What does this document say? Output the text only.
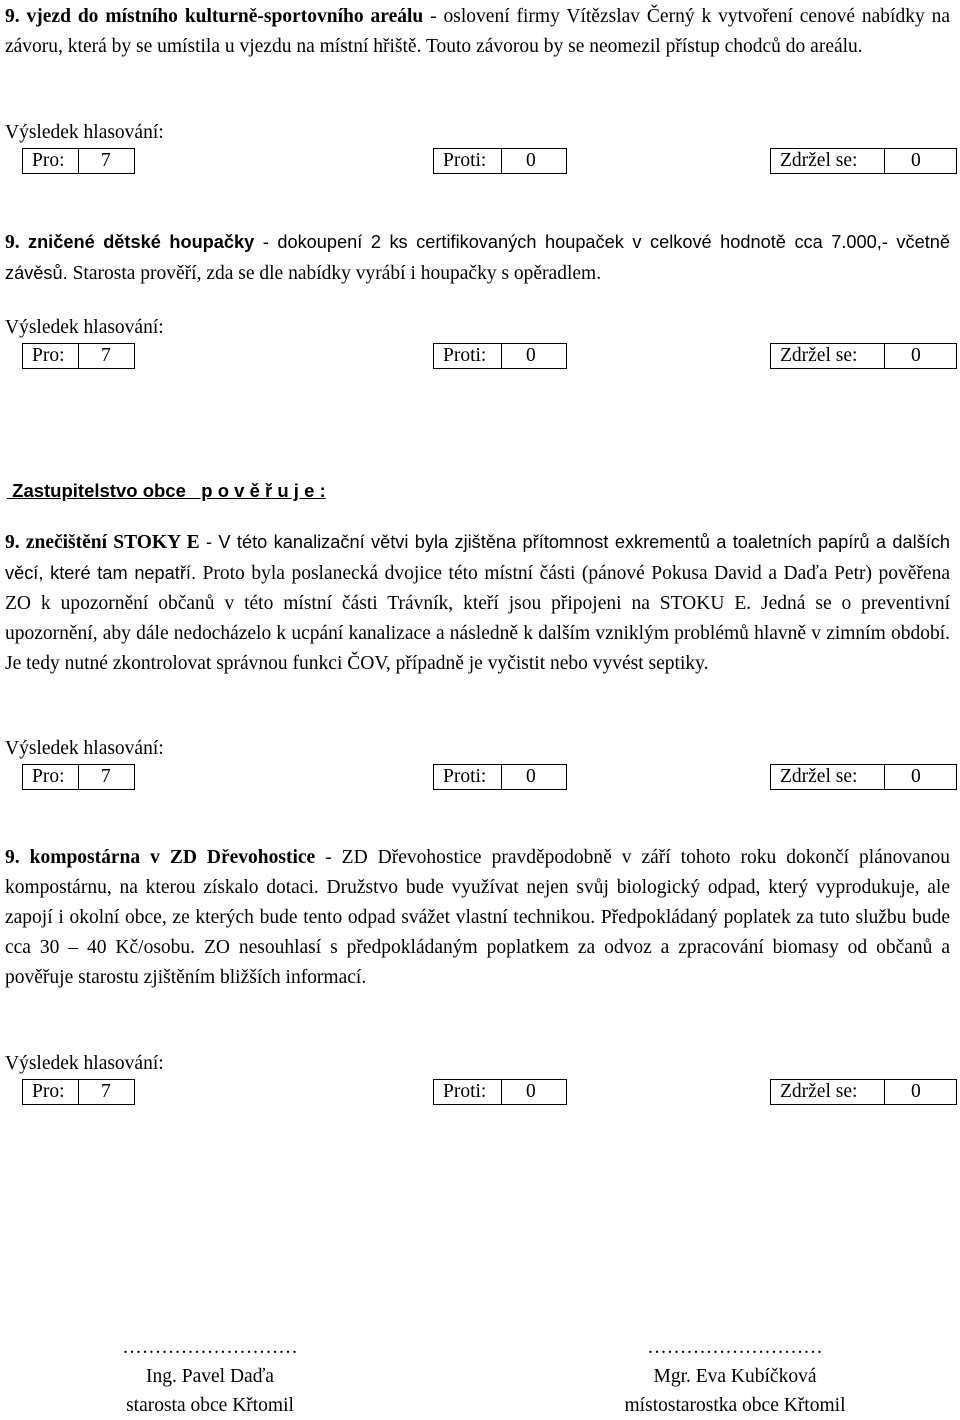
9. vjezd do místního kulturně-sportovního areálu - oslovení firmy Vítězslav Černý k vytvoření cenové nabídky na závoru, která by se umístila u vjezdu na místní hřiště. Touto závorou by se neomezil přístup chodců do areálu.

Výsledek hlasování:
Pro: 7	Proti: 0	Zdržel se:	0

9. zničené dětské houpačky - dokoupení 2 ks certifikovaných houpaček v celkové hodnotě cca 7.000,- včetně závěsů. Starosta prověří, zda se dle nabídky vyrábí i houpačky s opěradlem.

Výsledek hlasování:
Pro: 7	Proti: 0	Zdržel se:	0
Zastupitelstvo obce   p o v ě ř u j e :

9. znečištění STOKY E - V této kanalizační větvi byla zjištěna přítomnost exkrementů a toaletních papírů a dalších věcí, které tam nepatří. Proto byla poslanecká dvojice této místní části (pánové Pokusa David a Daďa Petr) pověřena ZO k upozornění občanů v této místní části Trávník, kteří jsou připojeni na STOKU E. Jedná se o preventivní upozornění, aby dále nedocházelo k ucpání kanalizace a následně k dalším vzniklým problémů hlavně v zimním období. Je tedy nutné zkontrolovat správnou funkci ČOV, případně je vyčistit nebo vyvést septiky.

Výsledek hlasování:
Pro: 7	Proti: 0	Zdržel se:	0

9. kompostárna v ZD Dřevohostice - ZD Dřevohostice pravděpodobně v září tohoto roku dokončí plánovanou kompostárnu, na kterou získalo dotaci. Družstvo bude využívat nejen svůj biologický odpad, který vyprodukuje, ale zapojí i okolní obce, ze kterých bude tento odpad svážet vlastní technikou. Předpokládaný poplatek za tuto službu bude cca 30 – 40 Kč/osobu. ZO nesouhlasí s předpokládaným poplatkem za odvoz a zpracování biomasy od občanů a pověřuje starostu zjištěním bližších informací.

Výsledek hlasování:
Pro: 7	Proti: 0	Zdržel se:	0
………………………
Ing. Pavel Daďa
starosta obce Křtomil
………………………
Mgr. Eva Kubíčková
místostarostka obce Křtomil
